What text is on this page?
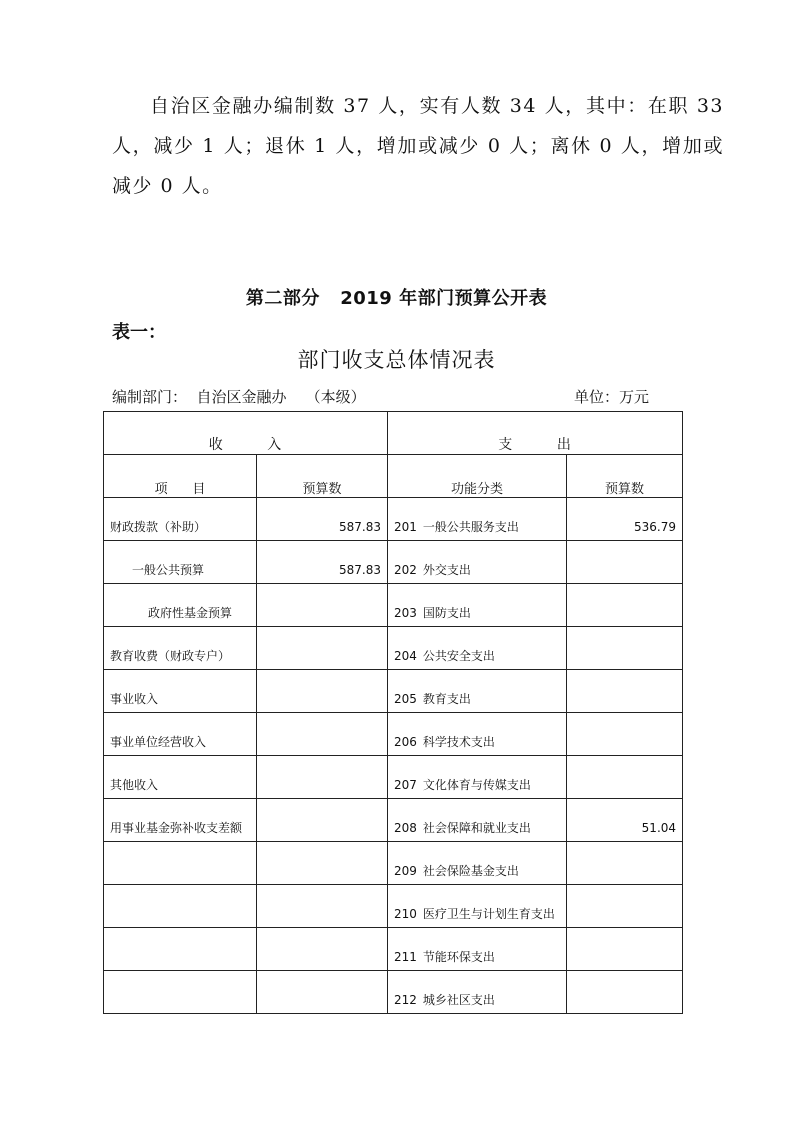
自治区金融办编制数 37 人，实有人数 34 人，其中：在职 33 人，减少 1 人；退休 1 人，增加或减少 0 人；离休 0 人，增加或减少 0 人。

第二部分   2019 年部门预算公开表
表一：
部门收支总体情况表
编制部门：  自治区金融办    （本级）	单位：万元
收        入		支        出	
项      目	预算数	功能分类	预算数

财政拨款（补助）	587.83	201 一般公共服务支出	536.79

一般公共预算	587.83	202 外交支出	

政府性基金预算		203 国防支出	

教育收费（财政专户）		204 公共安全支出	

事业收入		205 教育支出	

事业单位经营收入		206 科学技术支出	

其他收入		207 文化体育与传媒支出	

用事业基金弥补收支差额		208 社会保障和就业支出	51.04

		209 社会保险基金支出	

		210 医疗卫生与计划生育支出	

		211 节能环保支出	

		212 城乡社区支出	
